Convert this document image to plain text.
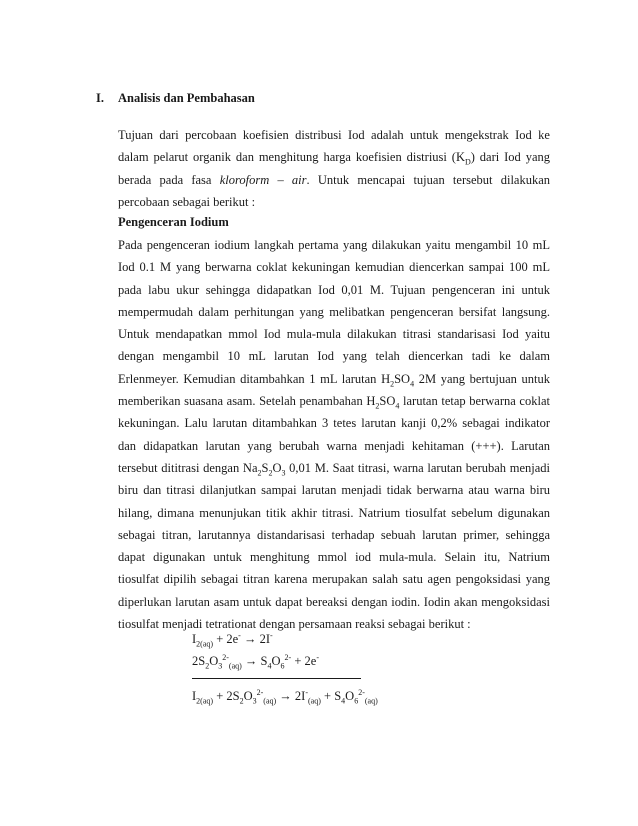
I. Analisis dan Pembahasan
Tujuan dari percobaan koefisien distribusi Iod adalah untuk mengekstrak Iod ke
dalam pelarut organik dan menghitung harga koefisien distriusi $(K_D)$ dari Iod yang
berada pada fasa kloroform – air. Untuk mencapai tujuan tersebut dilakukan
percobaan sebagai berikut :
Pengenceran Iodium
Pada pengenceran iodium langkah pertama yang dilakukan yaitu mengambil 10 mL
Iod 0.1 M yang berwarna coklat kekuningan kemudian diencerkan sampai 100 mL
pada labu ukur sehingga didapatkan Iod 0,01 M. Tujuan pengenceran ini untuk
mempermudah dalam perhitungan yang melibatkan pengenceran bersifat langsung.
Untuk mendapatkan mmol Iod mula-mula dilakukan titrasi standarisasi Iod yaitu
dengan mengambil 10 mL larutan Iod yang telah diencerkan tadi ke dalam
Erlenmeyer. Kemudian ditambahkan 1 mL larutan $H_2SO_4$ 2M yang bertujuan untuk
memberikan suasana asam. Setelah penambahan $H_2SO_4$ larutan tetap berwarna coklat
kekuningan. Lalu larutan ditambahkan 3 tetes larutan kanji 0,2% sebagai indikator
dan didapatkan larutan yang berubah warna menjadi kehitaman (+++). Larutan
tersebut dititrasi dengan $Na_2S_2O_3$ 0,01 M. Saat titrasi, warna larutan berubah menjadi
biru dan titrasi dilanjutkan sampai larutan menjadi tidak berwarna atau warna biru
hilang, dimana menunjukan titik akhir titrasi. Natrium tiosulfat sebelum digunakan
sebagai titran, larutannya distandarisasi terhadap sebuah larutan primer, sehingga
dapat digunakan untuk menghitung mmol iod mula-mula. Selain itu, Natrium
tiosulfat dipilih sebagai titran karena merupakan salah satu agen pengoksidasi yang
diperlukan larutan asam untuk dapat bereaksi dengan iodin. Iodin akan mengoksidasi
tiosulfat menjadi tetrationat dengan persamaan reaksi sebagai berikut :
$I_{2(aq)} + 2e^- \to 2I^-$
$2S_2O_3^{2-}_{(aq)} \to S_4O_6^{2-} + 2e^-$
$I_{2(aq)} + 2S_2O_3^{2-}_{(aq)} \to 2I^-_{(aq)} + S_4O_6^{2-}_{(aq)}$
